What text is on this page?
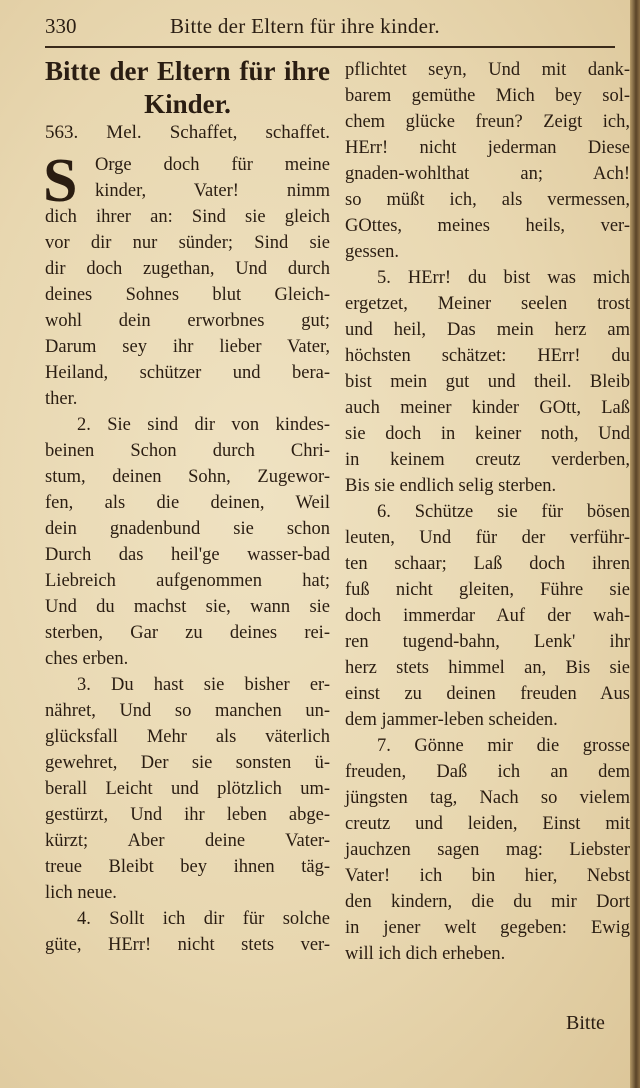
330	Bitte der Eltern für ihre kinder.
Bitte der Eltern für ihre
Kinder.
563. Mel. Schaffet, schaffet.
S Orge doch für meine
kinder, Vater! nimm
dich ihrer an: Sind sie gleich
vor dir nur sünder; Sind sie
dir doch zugethan, Und durch
deines Sohnes blut Gleich-
wohl dein erworbnes gut;
Darum sey ihr lieber Vater,
Heiland, schützer und bera-
ther.
2. Sie sind dir von kindes-
beinen Schon durch Chri-
stum, deinen Sohn, Zugewor-
fen, als die deinen, Weil
dein gnadenbund sie schon
Durch das heil'ge wasser-bad
Liebreich aufgenommen hat;
Und du machst sie, wann sie
sterben, Gar zu deines rei-
ches erben.
3. Du hast sie bisher er-
nähret, Und so manchen un-
glücksfall Mehr als väterlich
gewehret, Der sie sonsten ü-
berall Leicht und plötzlich um-
gestürzt, Und ihr leben abge-
kürzt; Aber deine Vater-
treue Bleibt bey ihnen täg-
lich neue.
4. Sollt ich dir für solche
güte, HErr! nicht stets ver-
pflichtet seyn, Und mit dank-
barem gemüthe Mich bey sol-
chem glücke freun? Zeigt ich,
HErr! nicht jederman Diese
gnaden-wohlthat an; Ach!
so müßt ich, als vermessen,
GOttes, meines heils, ver-
gessen.
5. HErr! du bist was mich
ergetzet, Meiner seelen trost
und heil, Das mein herz am
höchsten schätzet: HErr! du
bist mein gut und theil. Bleib
auch meiner kinder GOtt, Laß
sie doch in keiner noth, Und
in keinem creutz verderben,
Bis sie endlich selig sterben.
6. Schütze sie für bösen
leuten, Und für der verführ-
ten schaar; Laß doch ihren
fuß nicht gleiten, Führe sie
doch immerdar Auf der wah-
ren tugend-bahn, Lenk' ihr
herz stets himmel an, Bis sie
einst zu deinen freuden Aus
dem jammer-leben scheiden.
7. Gönne mir die grosse
freuden, Daß ich an dem
jüngsten tag, Nach so vielem
creutz und leiden, Einst mit
jauchzen sagen mag: Liebster
Vater! ich bin hier, Nebst
den kindern, die du mir Dort
in jener welt gegeben: Ewig
will ich dich erheben.
Bitte
